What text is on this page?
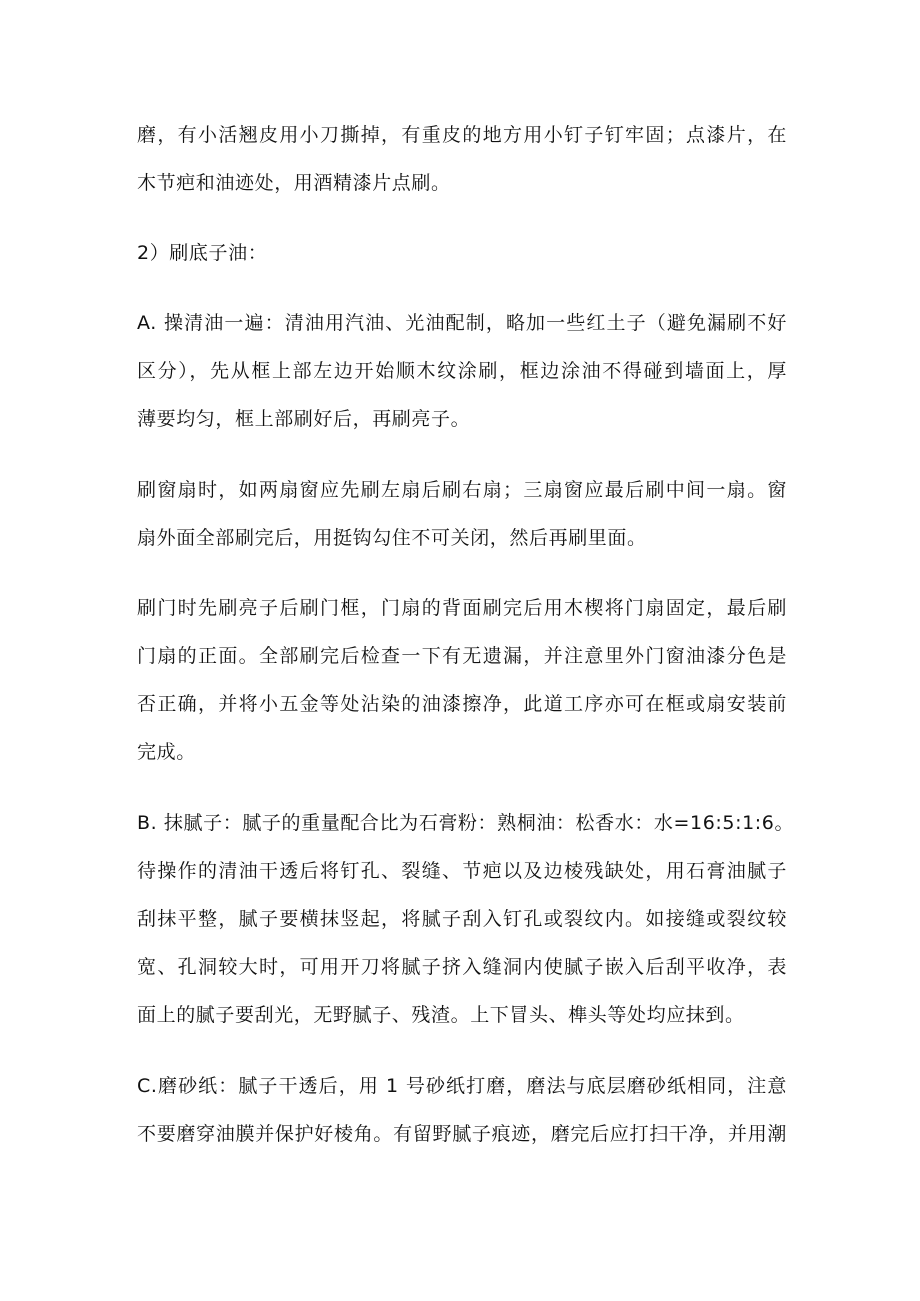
磨，有小活翘皮用小刀撕掉，有重皮的地方用小钉子钉牢固；点漆片，在
木节疤和油迹处，用酒精漆片点刷。
2）刷底子油：
A. 操清油一遍：清油用汽油、光油配制，略加一些红土子（避免漏刷不好
区分），先从框上部左边开始顺木纹涂刷，框边涂油不得碰到墙面上，厚
薄要均匀，框上部刷好后，再刷亮子。
刷窗扇时，如两扇窗应先刷左扇后刷右扇；三扇窗应最后刷中间一扇。窗
扇外面全部刷完后，用挺钩勾住不可关闭，然后再刷里面。
刷门时先刷亮子后刷门框，门扇的背面刷完后用木楔将门扇固定，最后刷
门扇的正面。全部刷完后检查一下有无遗漏，并注意里外门窗油漆分色是
否正确，并将小五金等处沾染的油漆擦净，此道工序亦可在框或扇安装前
完成。
B. 抹腻子：腻子的重量配合比为石膏粉：熟桐油：松香水：水=16:5:1:6。
待操作的清油干透后将钉孔、裂缝、节疤以及边棱残缺处，用石膏油腻子
刮抹平整，腻子要横抹竖起，将腻子刮入钉孔或裂纹内。如接缝或裂纹较
宽、孔洞较大时，可用开刀将腻子挤入缝洞内使腻子嵌入后刮平收净，表
面上的腻子要刮光，无野腻子、残渣。上下冒头、榫头等处均应抹到。
C.磨砂纸：腻子干透后，用 1 号砂纸打磨，磨法与底层磨砂纸相同，注意
不要磨穿油膜并保护好棱角。有留野腻子痕迹，磨完后应打扫干净，并用潮
